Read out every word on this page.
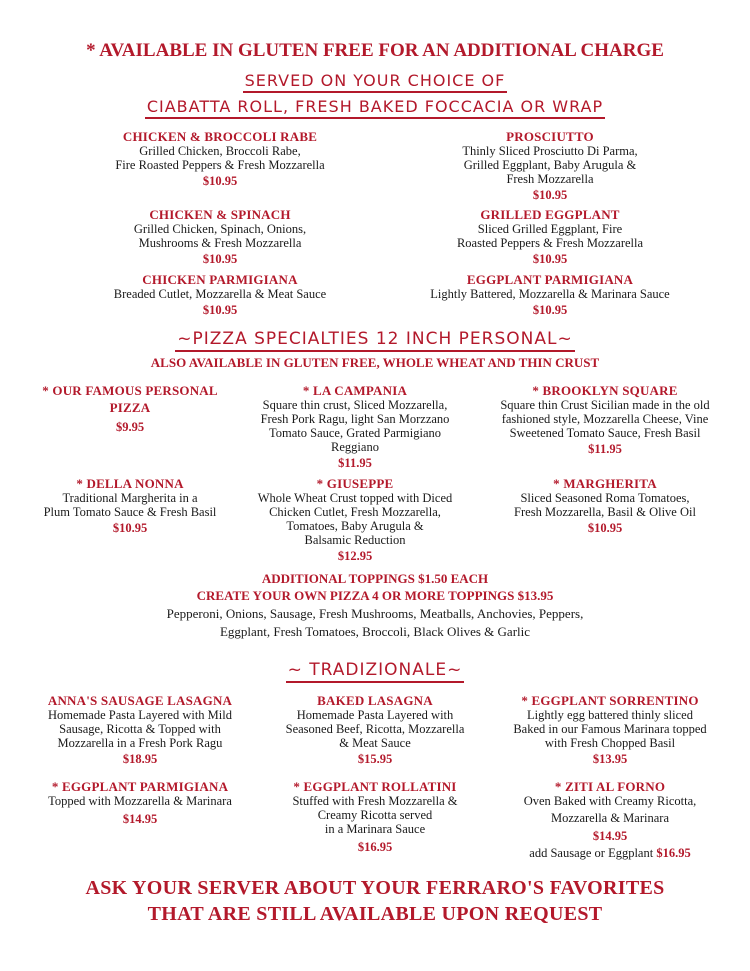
* AVAILABLE IN GLUTEN FREE FOR AN ADDITIONAL CHARGE
SERVED ON YOUR CHOICE OF
CIABATTA ROLL, FRESH BAKED FOCCACIA OR WRAP
CHICKEN & BROCCOLI RABE
Grilled Chicken, Broccoli Rabe,
Fire Roasted Peppers & Fresh Mozzarella
$10.95
PROSCIUTTO
Thinly Sliced Prosciutto Di Parma,
Grilled Eggplant, Baby Arugula &
Fresh Mozzarella
$10.95
CHICKEN & SPINACH
Grilled Chicken, Spinach, Onions,
Mushrooms & Fresh Mozzarella
$10.95
GRILLED EGGPLANT
Sliced Grilled Eggplant, Fire
Roasted Peppers & Fresh Mozzarella
$10.95
CHICKEN PARMIGIANA
Breaded Cutlet, Mozzarella & Meat Sauce
$10.95
EGGPLANT PARMIGIANA
Lightly Battered, Mozzarella & Marinara Sauce
$10.95
~PIZZA SPECIALTIES 12 INCH PERSONAL~
ALSO AVAILABLE IN GLUTEN FREE, WHOLE WHEAT AND THIN CRUST
* OUR FAMOUS PERSONAL
PIZZA
$9.95
* LA CAMPANIA
Square thin crust, Sliced Mozzarella,
Fresh Pork Ragu, light San Morzzano
Tomato Sauce, Grated Parmigiano
Reggiano
$11.95
* BROOKLYN SQUARE
Square thin Crust Sicilian made in the old
fashioned style, Mozzarella Cheese, Vine
Sweetened Tomato Sauce, Fresh Basil
$11.95
* DELLA NONNA
Traditional Margherita in a
Plum Tomato Sauce & Fresh Basil
$10.95
* GIUSEPPE
Whole Wheat Crust topped with Diced
Chicken Cutlet, Fresh Mozzarella,
Tomatoes, Baby Arugula &
Balsamic Reduction
$12.95
* MARGHERITA
Sliced Seasoned Roma Tomatoes,
Fresh Mozzarella, Basil & Olive Oil
$10.95
ADDITIONAL TOPPINGS $1.50 EACH
CREATE YOUR OWN PIZZA 4 OR MORE TOPPINGS $13.95
Pepperoni, Onions, Sausage, Fresh Mushrooms, Meatballs, Anchovies, Peppers,
Eggplant, Fresh Tomatoes, Broccoli, Black Olives & Garlic
~ TRADIZIONALE~
ANNA'S SAUSAGE LASAGNA
Homemade Pasta Layered with Mild
Sausage, Ricotta & Topped with
Mozzarella in a Fresh Pork Ragu
$18.95
BAKED LASAGNA
Homemade Pasta Layered with
Seasoned Beef, Ricotta, Mozzarella
& Meat Sauce
$15.95
* EGGPLANT SORRENTINO
Lightly egg battered thinly sliced
Baked in our Famous Marinara topped
with Fresh Chopped Basil
$13.95
* EGGPLANT PARMIGIANA
Topped with Mozzarella & Marinara
$14.95
* EGGPLANT ROLLATINI
Stuffed with Fresh Mozzarella &
Creamy Ricotta served
in a Marinara Sauce
$16.95
* ZITI AL FORNO
Oven Baked with Creamy Ricotta,
Mozzarella & Marinara
$14.95
add Sausage or Eggplant $16.95
ASK YOUR SERVER ABOUT YOUR FERRARO'S FAVORITES
THAT ARE STILL AVAILABLE UPON REQUEST
